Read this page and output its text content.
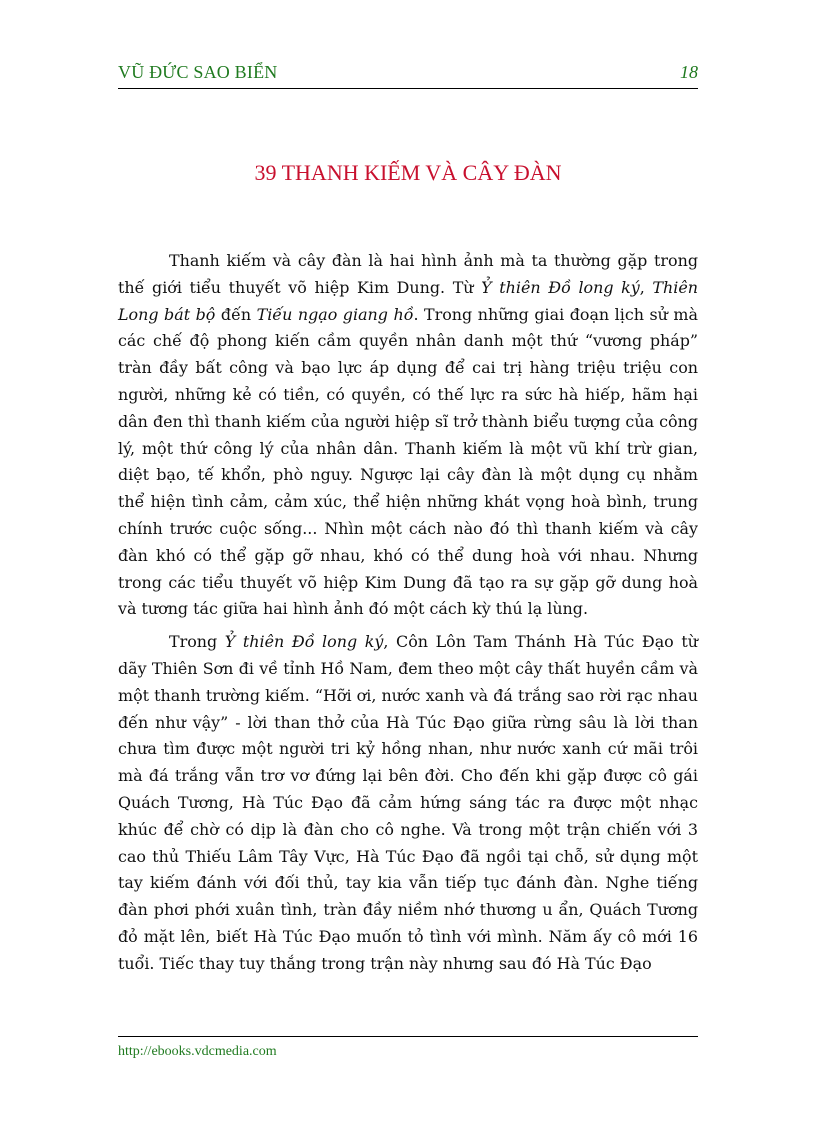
VŨ ĐỨC SAO BIỂN	18
39 THANH KIẾM VÀ CÂY ĐÀN

Thanh kiếm và cây đàn là hai hình ảnh mà ta thường gặp trong thế giới tiểu thuyết võ hiệp Kim Dung. Từ Ỷ thiên Đồ long ký, Thiên Long bát bộ đến Tiếu ngạo giang hồ. Trong những giai đoạn lịch sử mà các chế độ phong kiến cầm quyền nhân danh một thứ “vương pháp” tràn đầy bất công và bạo lực áp dụng để cai trị hàng triệu triệu con người, những kẻ có tiền, có quyền, có thế lực ra sức hà hiếp, hãm hại dân đen thì thanh kiếm của người hiệp sĩ trở thành biểu tượng của công lý, một thứ công lý của nhân dân. Thanh kiếm là một vũ khí trừ gian, diệt bạo, tế khổn, phò nguy. Ngược lại cây đàn là một dụng cụ nhằm thể hiện tình cảm, cảm xúc, thể hiện những khát vọng hoà bình, trung chính trước cuộc sống... Nhìn một cách nào đó thì thanh kiếm và cây đàn khó có thể gặp gỡ nhau, khó có thể dung hoà với nhau. Nhưng trong các tiểu thuyết võ hiệp Kim Dung đã tạo ra sự gặp gỡ dung hoà và tương tác giữa hai hình ảnh đó một cách kỳ thú lạ lùng.

Trong Ỷ thiên Đồ long ký, Côn Lôn Tam Thánh Hà Túc Đạo từ dãy Thiên Sơn đi về tỉnh Hồ Nam, đem theo một cây thất huyền cầm và một thanh trường kiếm. “Hỡi ơi, nước xanh và đá trắng sao rời rạc nhau đến như vậy” - lời than thở của Hà Túc Đạo giữa rừng sâu là lời than chưa tìm được một người tri kỷ hồng nhan, như nước xanh cứ mãi trôi mà đá trắng vẫn trơ vơ đứng lại bên đời. Cho đến khi gặp được cô gái Quách Tương, Hà Túc Đạo đã cảm hứng sáng tác ra được một nhạc khúc để chờ có dịp là đàn cho cô nghe. Và trong một trận chiến với 3 cao thủ Thiếu Lâm Tây Vực, Hà Túc Đạo đã ngồi tại chỗ, sử dụng một tay kiếm đánh với đối thủ, tay kia vẫn tiếp tục đánh đàn. Nghe tiếng đàn phơi phới xuân tình, tràn đầy niềm nhớ thương u ẩn, Quách Tương đỏ mặt lên, biết Hà Túc Đạo muốn tỏ tình với mình. Năm ấy cô mới 16 tuổi. Tiếc thay tuy thắng trong trận này nhưng sau đó Hà Túc Đạo

http://ebooks.vdcmedia.com
